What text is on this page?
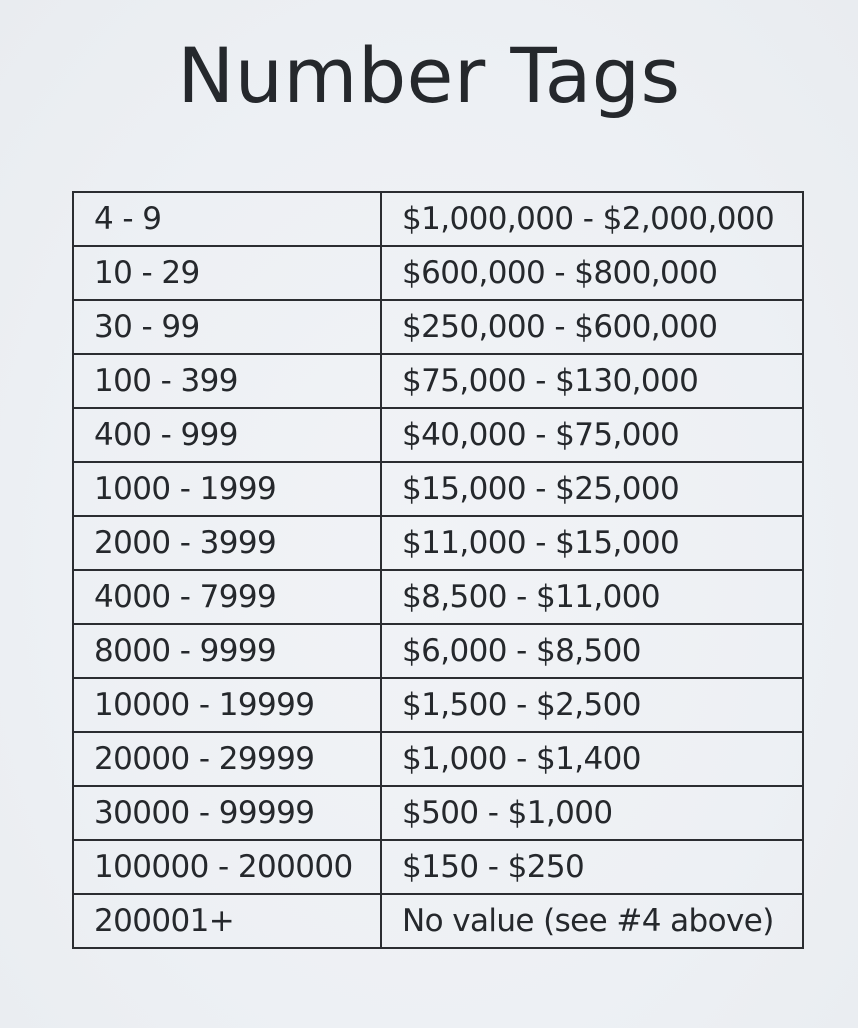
Number Tags
4 - 9	$1,000,000 - $2,000,000
10 - 29	$600,000 - $800,000
30 - 99	$250,000 - $600,000
100 - 399	$75,000 - $130,000
400 - 999	$40,000 - $75,000
1000 - 1999	$15,000 - $25,000
2000 - 3999	$11,000 - $15,000
4000 - 7999	$8,500 - $11,000
8000 - 9999	$6,000 - $8,500
10000 - 19999	$1,500 - $2,500
20000 - 29999	$1,000 - $1,400
30000 - 99999	$500 - $1,000
100000 - 200000	$150 - $250
200001+	No value (see #4 above)
